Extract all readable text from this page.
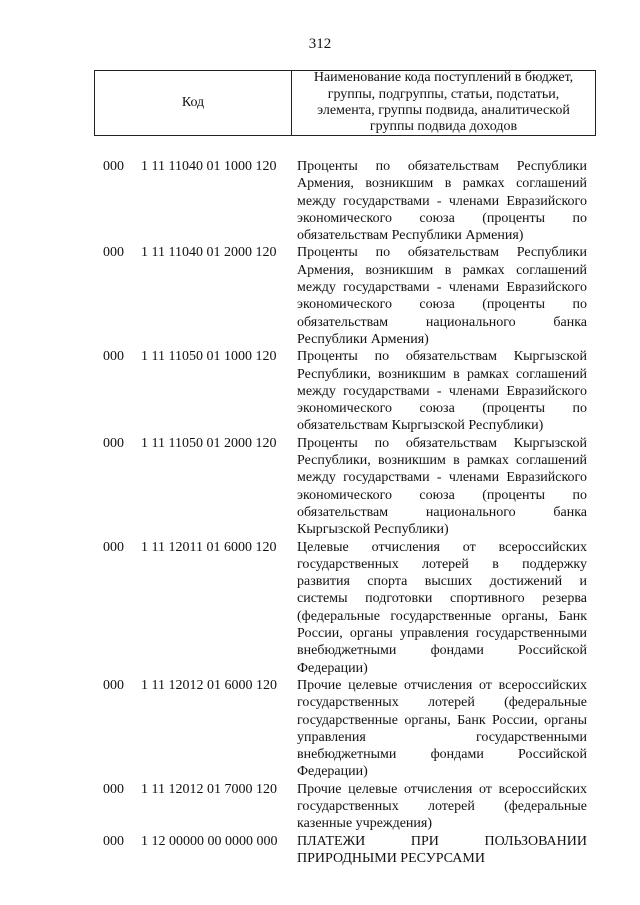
312
Код
Наименование кода поступлений в бюджет, группы, подгруппы, статьи, подстатьи, элемента, группы подвида, аналитической группы подвида доходов
000 1 11 11040 01 1000 120 Проценты по обязательствам Республики
Армения, возникшим в рамках соглашений
между государствами - членами Евразийского
экономического союза (проценты по
обязательствам Республики Армения)
000 1 11 11040 01 2000 120 Проценты по обязательствам Республики
Армения, возникшим в рамках соглашений
между государствами - членами Евразийского
экономического союза (проценты по
обязательствам	национального	банка
Республики Армения)
000 1 11 11050 01 1000 120 Проценты по обязательствам Кыргызской
Республики, возникшим в рамках соглашений
между государствами - членами Евразийского
экономического союза (проценты по
обязательствам Кыргызской Республики)
000 1 11 11050 01 2000 120 Проценты по обязательствам Кыргызской
Республики, возникшим в рамках соглашений
между государствами - членами Евразийского
экономического союза (проценты по
обязательствам	национального	банка
Кыргызской Республики)
000 1 11 12011 01 6000 120 Целевые отчисления от всероссийских
государственных лотерей в поддержку
развития спорта высших достижений и
системы подготовки спортивного резерва
(федеральные государственные органы, Банк
России, органы управления государственными
внебюджетными фондами Российской
Федерации)
000 1 11 12012 01 6000 120 Прочие целевые отчисления от всероссийских
государственных лотерей (федеральные
государственные органы, Банк России, органы
управления	государственными
внебюджетными фондами Российской
Федерации)
000 1 11 12012 01 7000 120 Прочие целевые отчисления от всероссийских
государственных лотерей (федеральные
казенные учреждения)
000 1 12 00000 00 0000 000 ПЛАТЕЖИ	ПРИ	ПОЛЬЗОВАНИИ
ПРИРОДНЫМИ РЕСУРСАМИ
